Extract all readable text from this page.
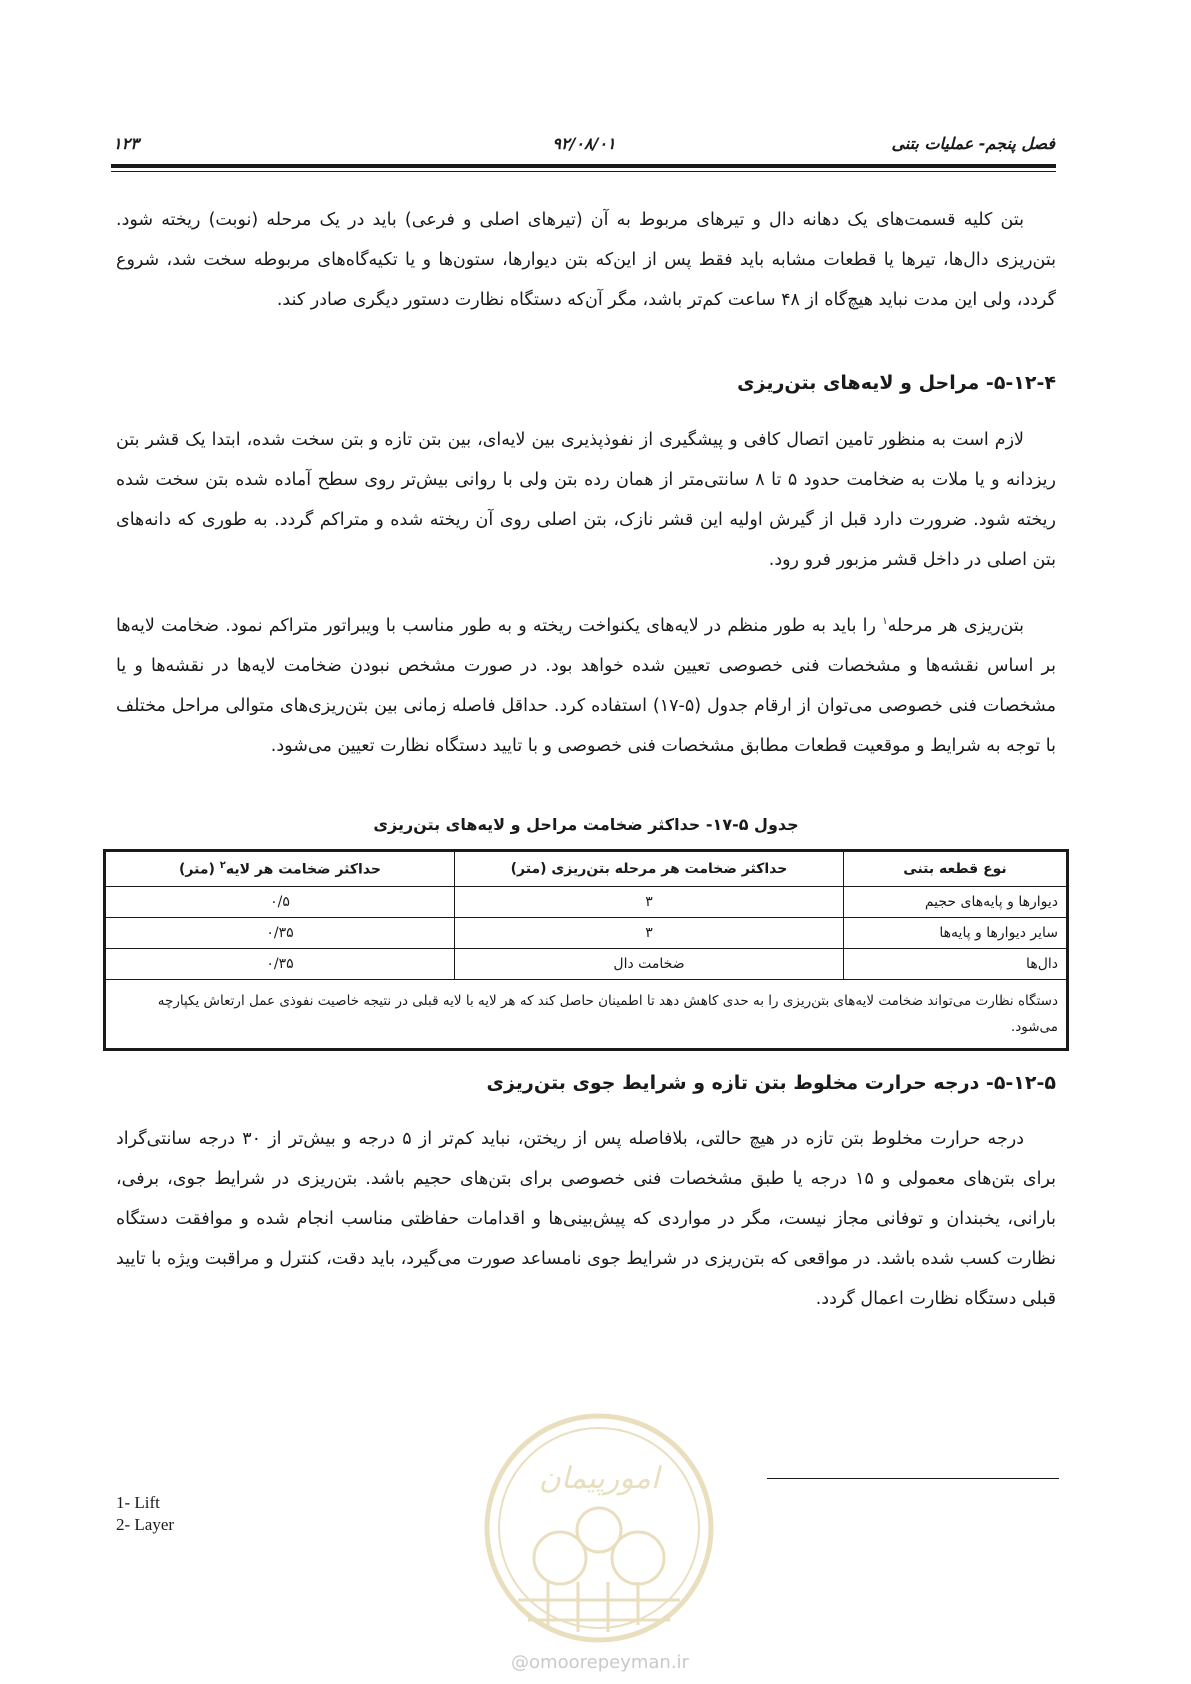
۱۲۳	۹۲/۰۸/۰۱	فصل پنجم- عملیات بتنی

بتن کلیه قسمت‌های یک دهانه دال و تیرهای مربوط به آن (تیرهای اصلی و فرعی) باید در یک مرحله (نوبت) ریخته شود. بتن‌ریزی دال‌ها، تیرها یا قطعات مشابه باید فقط پس از این‌که بتن دیوارها، ستون‌ها و یا تکیه‌گاه‌های مربوطه سخت شد، شروع گردد، ولی این مدت نباید هیچ‌گاه از ۴۸ ساعت کم‌تر باشد، مگر آن‌که دستگاه نظارت دستور دیگری صادر کند.

۵-۱۲-۴- مراحل و لایه‌های بتن‌ریزی

لازم است به منظور تامین اتصال کافی و پیشگیری از نفوذپذیری بین لایه‌ای، بین بتن تازه و بتن سخت شده، ابتدا یک قشر بتن ریزدانه و یا ملات به ضخامت حدود ۵ تا ۸ سانتی‌متر از همان رده بتن ولی با روانی بیش‌تر روی سطح آماده شده بتن سخت شده ریخته شود. ضرورت دارد قبل از گیرش اولیه این قشر نازک، بتن اصلی روی آن ریخته شده و متراکم گردد. به طوری که دانه‌های بتن اصلی در داخل قشر مزبور فرو رود.

بتن‌ریزی هر مرحله$^۱$ را باید به طور منظم در لایه‌های یکنواخت ریخته و به طور مناسب با ویبراتور متراکم نمود. ضخامت لایه‌ها بر اساس نقشه‌ها و مشخصات فنی خصوصی تعیین شده خواهد بود. در صورت مشخص نبودن ضخامت لایه‌ها در نقشه‌ها و یا مشخصات فنی خصوصی می‌توان از ارقام جدول (۵-۱۷) استفاده کرد. حداقل فاصله زمانی بین بتن‌ریزی‌های متوالی مراحل مختلف با توجه به شرایط و موقعیت قطعات مطابق مشخصات فنی خصوصی و با تایید دستگاه نظارت تعیین می‌شود.

جدول ۵-۱۷- حداکثر ضخامت مراحل و لایه‌های بتن‌ریزی

نوع قطعه بتنی	حداکثر ضخامت هر مرحله بتن‌ریزی (متر)	حداکثر ضخامت هر لایه$^۲$ (متر)
دیوارها و پایه‌های حجیم	۳	۰/۵
سایر دیوارها و پایه‌ها	۳	۰/۳۵
دال‌ها	ضخامت دال	۰/۳۵
دستگاه نظارت می‌تواند ضخامت لایه‌های بتن‌ریزی را به حدی کاهش دهد تا اطمینان حاصل کند که هر لایه با لایه قبلی در نتیجه خاصیت نفوذی عمل ارتعاش یکپارچه می‌شود.		
۵-۱۲-۵- درجه حرارت مخلوط بتن تازه و شرایط جوی بتن‌ریزی

درجه حرارت مخلوط بتن تازه در هیچ حالتی، بلافاصله پس از ریختن، نباید کم‌تر از ۵ درجه و بیش‌تر از ۳۰ درجه سانتی‌گراد برای بتن‌های معمولی و ۱۵ درجه یا طبق مشخصات فنی خصوصی برای بتن‌های حجیم باشد. بتن‌ریزی در شرایط جوی، برفی، بارانی، یخبندان و توفانی مجاز نیست، مگر در مواردی که پیش‌بینی‌ها و اقدامات حفاظتی مناسب انجام شده و موافقت دستگاه نظارت کسب شده باشد. در مواقعی که بتن‌ریزی در شرایط جوی نامساعد صورت می‌گیرد، باید دقت، کنترل و مراقبت ویژه با تایید قبلی دستگاه نظارت اعمال گردد.

1- Lift
2- Layer
امورپیمان
@omoorepeyman.ir
